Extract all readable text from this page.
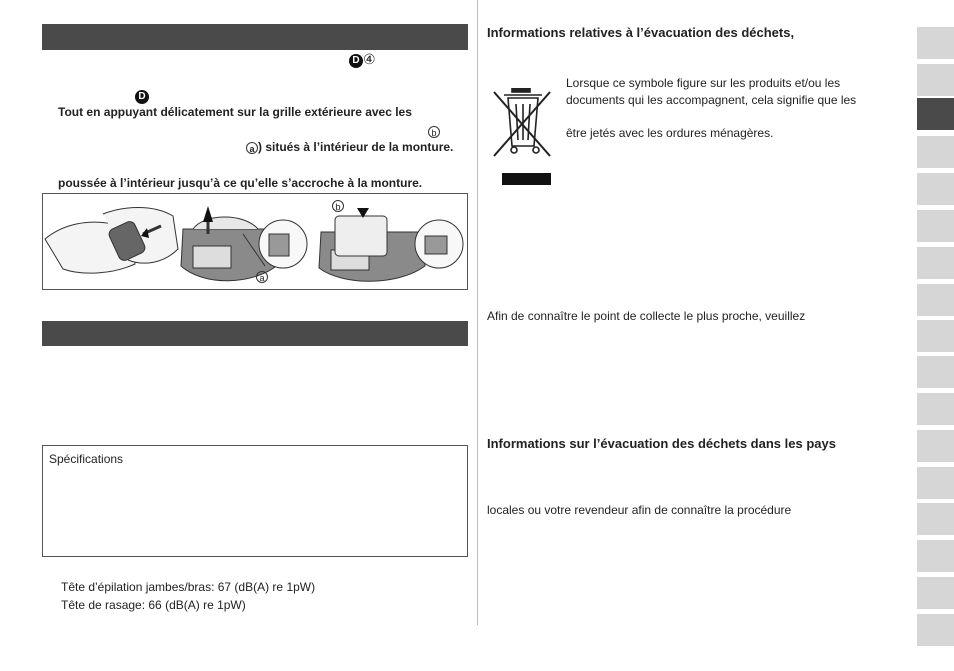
D ④
D
Tout en appuyant délicatement sur la grille extérieure avec les
b
a ) situés à l’intérieur de la monture.
poussée à l’intérieur jusqu’à ce qu’elle s’accroche à la monture.
b
a
Spécifications
Tête d’épilation jambes/bras: 67 (dB(A) re 1pW)
Tête de rasage: 66 (dB(A) re 1pW)
Informations relatives à l’évacuation des déchets,
Lorsque ce symbole figure sur les produits et/ou les
documents qui les accompagnent, cela signifie que les
être jetés avec les ordures ménagères.
Afin de connaître le point de collecte le plus proche, veuillez
Informations sur l’évacuation des déchets dans les pays
locales ou votre revendeur afin de connaître la procédure
